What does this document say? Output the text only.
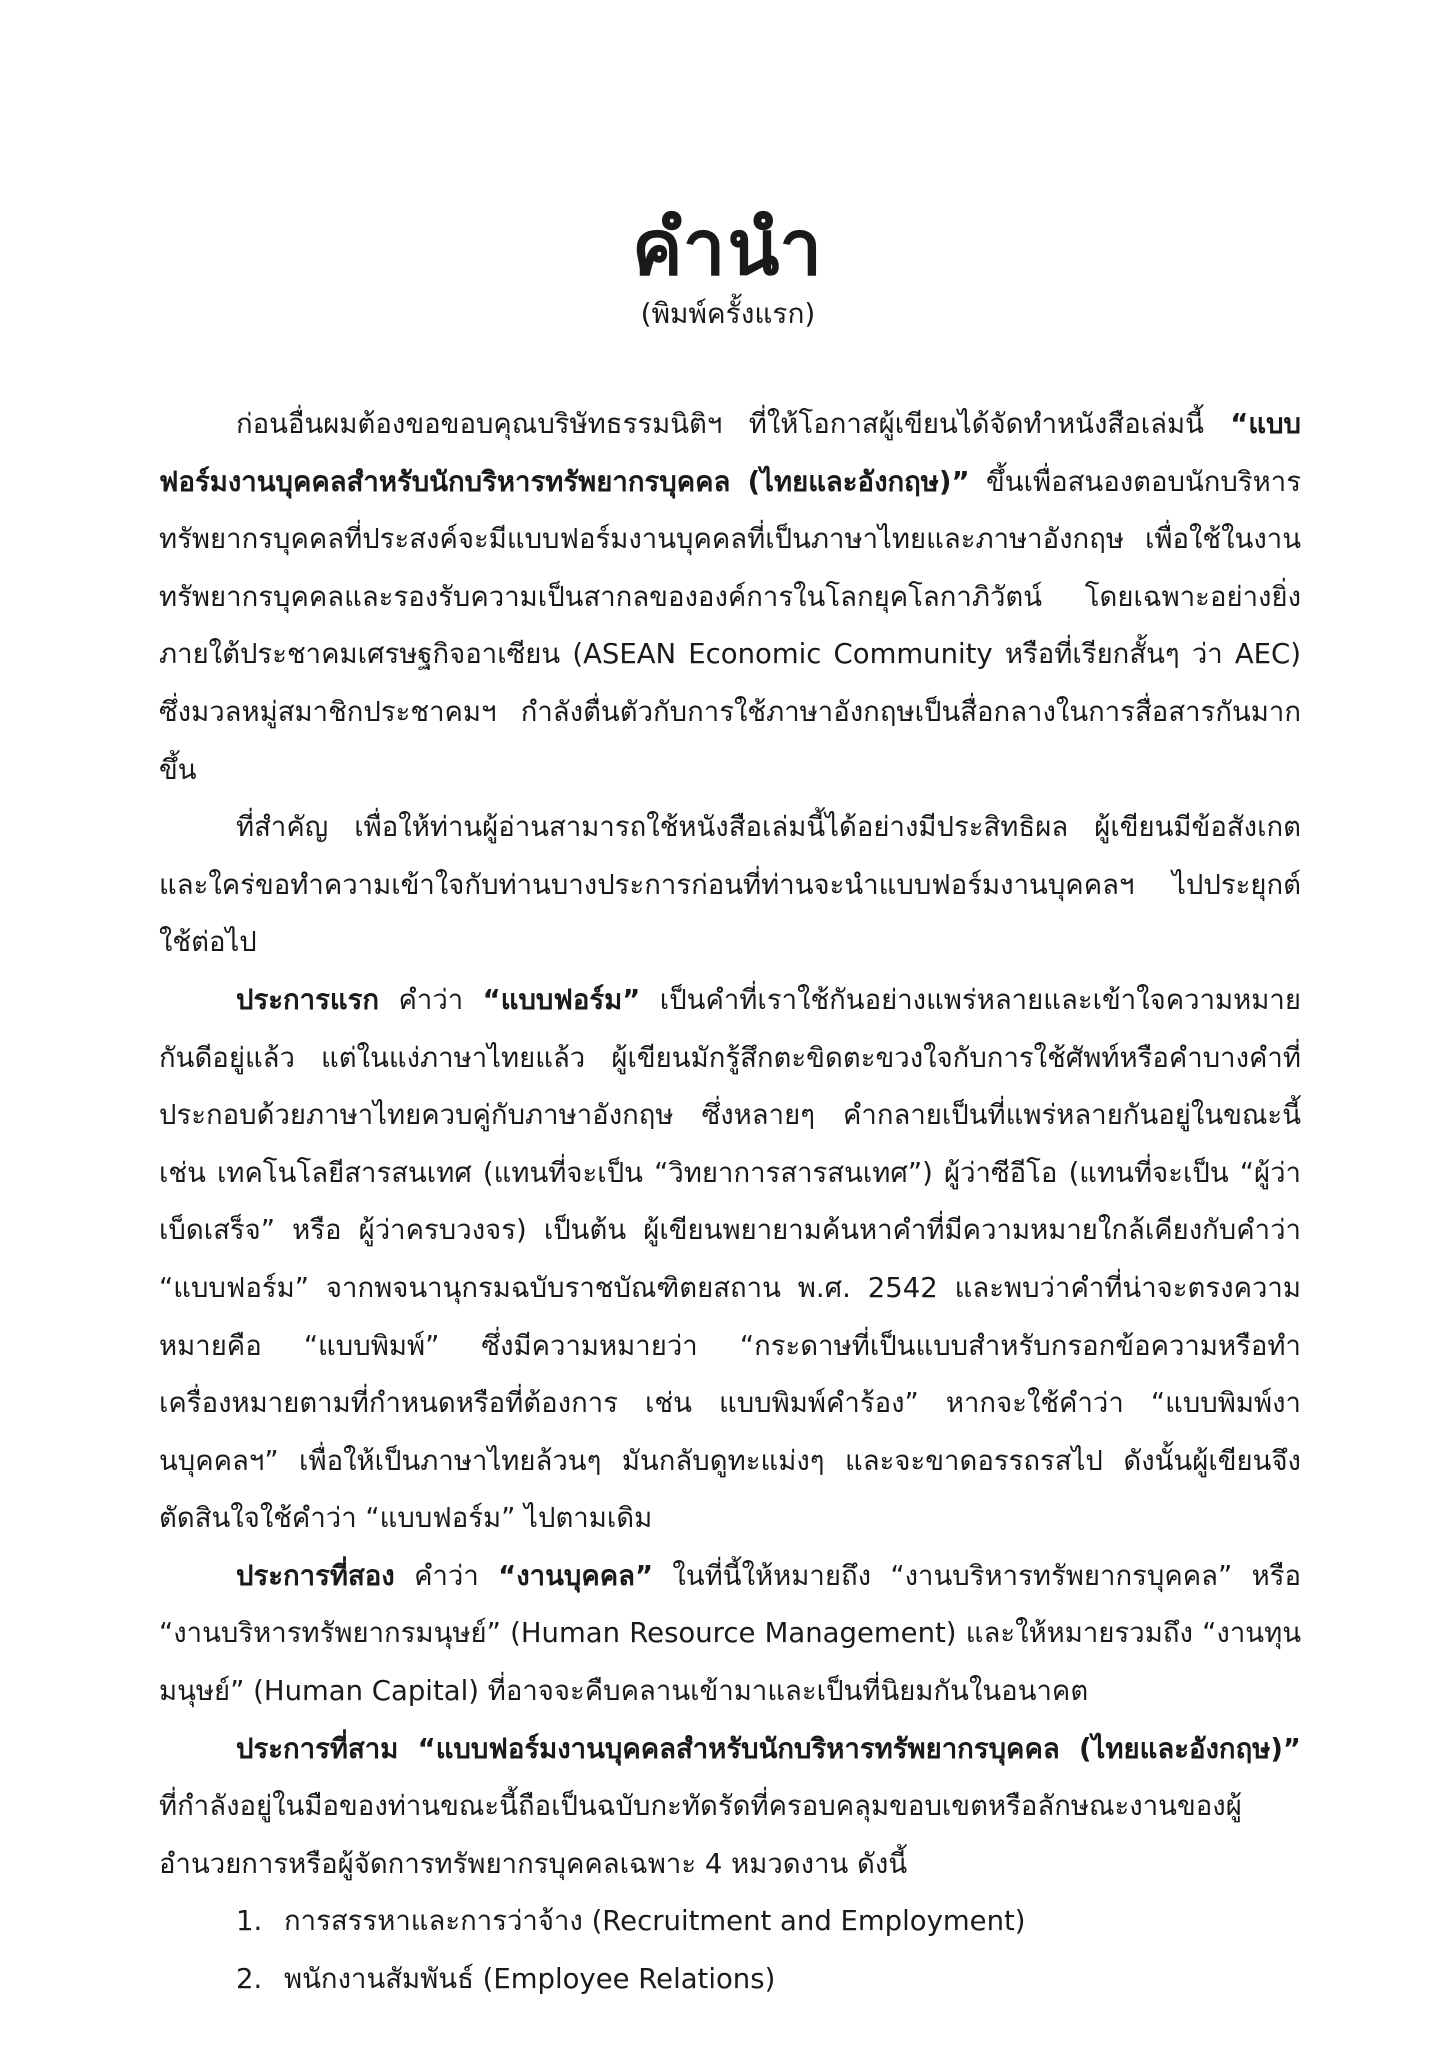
คำนำ
(พิมพ์ครั้งแรก)

ก่อนอื่นผมต้องขอขอบคุณบริษัทธรรมนิติฯ ที่ให้โอกาสผู้เขียนได้จัดทำหนังสือเล่มนี้ “แบบฟอร์มงานบุคคลสำหรับนักบริหารทรัพยากรบุคคล (ไทยและอังกฤษ)” ขึ้นเพื่อสนองตอบนักบริหารทรัพยากรบุคคลที่ประสงค์จะมีแบบฟอร์มงานบุคคลที่เป็นภาษาไทยและภาษาอังกฤษ เพื่อใช้ในงานทรัพยากรบุคคลและรองรับความเป็นสากลขององค์การในโลกยุคโลกาภิวัตน์ โดยเฉพาะอย่างยิ่งภายใต้ประชาคมเศรษฐกิจอาเซียน (ASEAN Economic Community หรือที่เรียกสั้นๆ ว่า AEC) ซึ่งมวลหมู่สมาชิกประชาคมฯ กำลังตื่นตัวกับการใช้ภาษาอังกฤษเป็นสื่อกลางในการสื่อสารกันมากขึ้น

ที่สำคัญ เพื่อให้ท่านผู้อ่านสามารถใช้หนังสือเล่มนี้ได้อย่างมีประสิทธิผล ผู้เขียนมีข้อสังเกตและใคร่ขอทำความเข้าใจกับท่านบางประการก่อนที่ท่านจะนำแบบฟอร์มงานบุคคลฯ ไปประยุกต์ใช้ต่อไป

ประการแรก คำว่า “แบบฟอร์ม” เป็นคำที่เราใช้กันอย่างแพร่หลายและเข้าใจความหมายกันดีอยู่แล้ว แต่ในแง่ภาษาไทยแล้ว ผู้เขียนมักรู้สึกตะขิดตะขวงใจกับการใช้ศัพท์หรือคำบางคำที่ประกอบด้วยภาษาไทยควบคู่กับภาษาอังกฤษ ซึ่งหลายๆ คำกลายเป็นที่แพร่หลายกันอยู่ในขณะนี้ เช่น เทคโนโลยีสารสนเทศ (แทนที่จะเป็น “วิทยาการสารสนเทศ”) ผู้ว่าซีอีโอ (แทนที่จะเป็น “ผู้ว่าเบ็ดเสร็จ” หรือ ผู้ว่าครบวงจร) เป็นต้น ผู้เขียนพยายามค้นหาคำที่มีความหมายใกล้เคียงกับคำว่า “แบบฟอร์ม” จากพจนานุกรมฉบับราชบัณฑิตยสถาน พ.ศ. 2542 และพบว่าคำที่น่าจะตรงความหมายคือ “แบบพิมพ์” ซึ่งมีความหมายว่า “กระดาษที่เป็นแบบสำหรับกรอกข้อความหรือทำเครื่องหมายตามที่กำหนดหรือที่ต้องการ เช่น แบบพิมพ์คำร้อง” หากจะใช้คำว่า “แบบพิมพ์งานบุคคลฯ” เพื่อให้เป็นภาษาไทยล้วนๆ มันกลับดูทะแม่งๆ และจะขาดอรรถรสไป ดังนั้นผู้เขียนจึงตัดสินใจใช้คำว่า “แบบฟอร์ม” ไปตามเดิม

ประการที่สอง คำว่า “งานบุคคล” ในที่นี้ให้หมายถึง “งานบริหารทรัพยากรบุคคล” หรือ “งานบริหารทรัพยากรมนุษย์” (Human Resource Management) และให้หมายรวมถึง “งานทุนมนุษย์” (Human Capital) ที่อาจจะคืบคลานเข้ามาและเป็นที่นิยมกันในอนาคต

ประการที่สาม “แบบฟอร์มงานบุคคลสำหรับนักบริหารทรัพยากรบุคคล (ไทยและอังกฤษ)” ที่กำลังอยู่ในมือของท่านขณะนี้ถือเป็นฉบับกะทัดรัดที่ครอบคลุมขอบเขตหรือลักษณะงานของผู้อำนวยการหรือผู้จัดการทรัพยากรบุคคลเฉพาะ 4 หมวดงาน ดังนี้

1. การสรรหาและการว่าจ้าง (Recruitment and Employment)
2. พนักงานสัมพันธ์ (Employee Relations)
